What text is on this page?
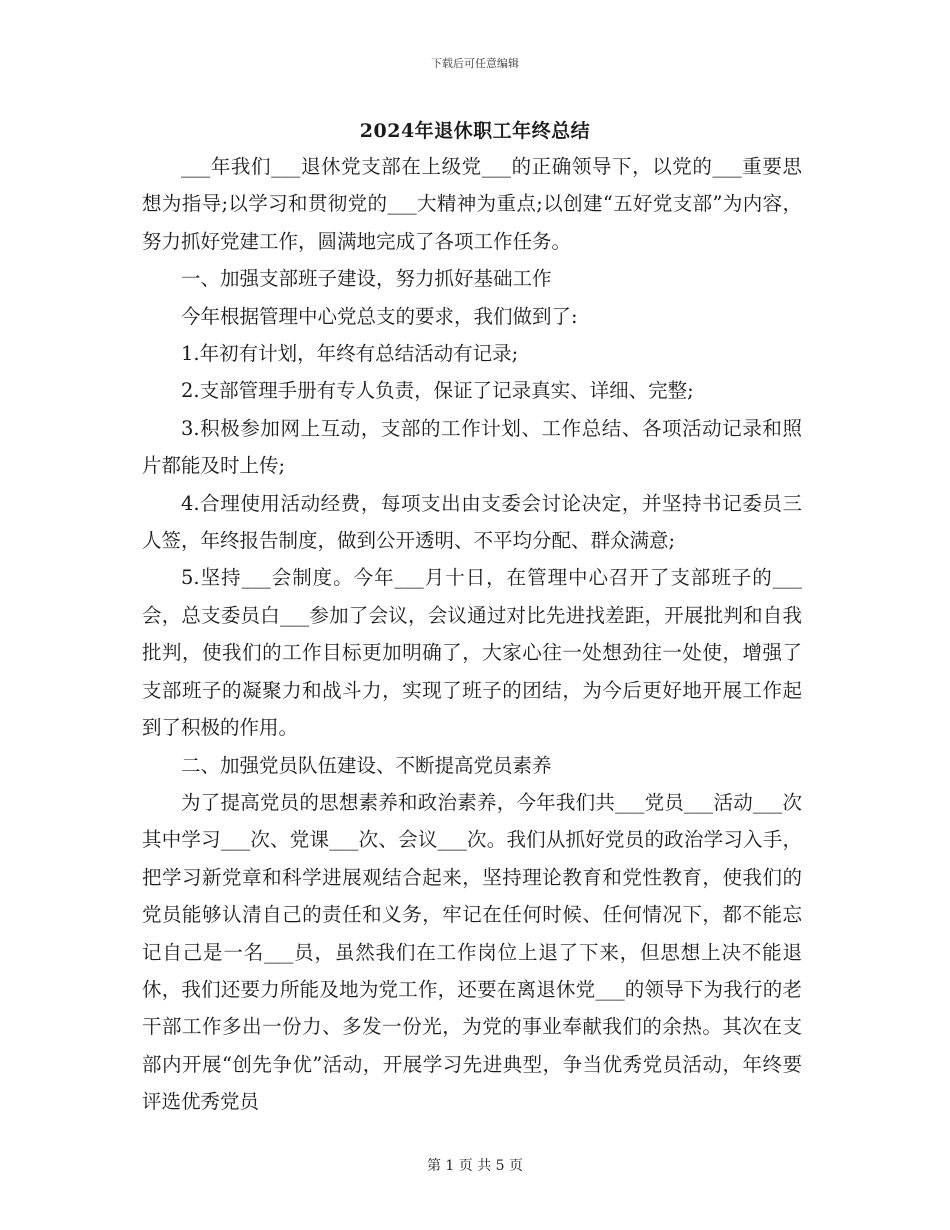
下载后可任意编辑
2024年退休职工年终总结

___年我们___退休党支部在上级党___的正确领导下，以党的___重要思想为指导;以学习和贯彻党的___大精神为重点;以创建“五好党支部”为内容，努力抓好党建工作，圆满地完成了各项工作任务。

一、加强支部班子建设，努力抓好基础工作

今年根据管理中心党总支的要求，我们做到了:

1.年初有计划，年终有总结活动有记录;

2.支部管理手册有专人负责，保证了记录真实、详细、完整;

3.积极参加网上互动，支部的工作计划、工作总结、各项活动记录和照片都能及时上传;

4.合理使用活动经费，每项支出由支委会讨论决定，并坚持书记委员三人签，年终报告制度，做到公开透明、不平均分配、群众满意;

5.坚持___会制度。今年___月十日，在管理中心召开了支部班子的___会，总支委员白___参加了会议，会议通过对比先进找差距，开展批判和自我批判，使我们的工作目标更加明确了，大家心往一处想劲往一处使，增强了支部班子的凝聚力和战斗力，实现了班子的团结，为今后更好地开展工作起到了积极的作用。

二、加强党员队伍建设、不断提高党员素养

为了提高党员的思想素养和政治素养，今年我们共___党员___活动___次其中学习___次、党课___次、会议___次。我们从抓好党员的政治学习入手，把学习新党章和科学进展观结合起来，坚持理论教育和党性教育，使我们的党员能够认清自己的责任和义务，牢记在任何时候、任何情况下，都不能忘记自己是一名___员，虽然我们在工作岗位上退了下来，但思想上决不能退休，我们还要力所能及地为党工作，还要在离退休党___的领导下为我行的老干部工作多出一份力、多发一份光，为党的事业奉献我们的余热。其次在支部内开展“创先争优”活动，开展学习先进典型，争当优秀党员活动，年终要评选优秀党员

第 1 页 共 5 页
